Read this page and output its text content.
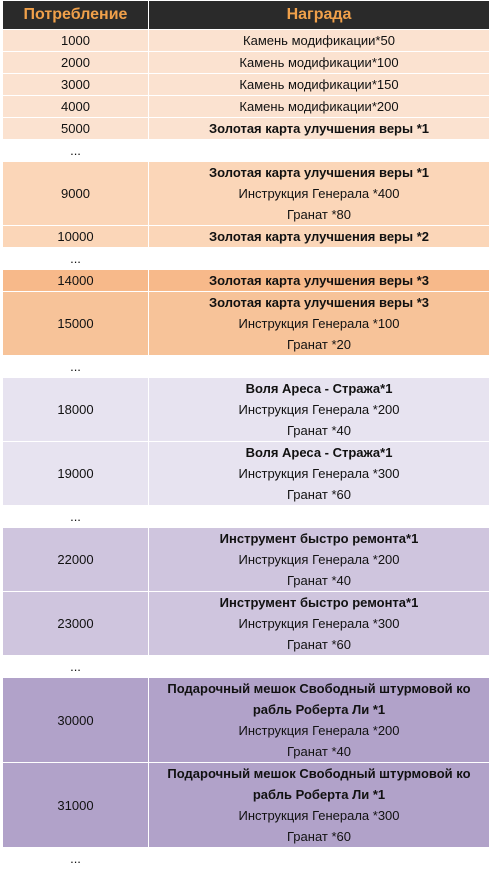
Потребление	Награда
1000	Камень модификации*50

2000	Камень модификации*100

3000	Камень модификации*150

4000	Камень модификации*200

5000	Золотая карта улучшения веры *1

...	
9000	Золотая карта улучшения веры *1
Инструкция Генерала *400
Гранат *80

10000	Золотая карта улучшения веры *2

...	
14000	Золотая карта улучшения веры *3

15000	Золотая карта улучшения веры *3
Инструкция Генерала *100
Гранат *20

...	
18000	Воля Ареса - Стража*1
Инструкция Генерала *200
Гранат *40

19000	Воля Ареса - Стража*1
Инструкция Генерала *300
Гранат *60

...	
22000	Инструмент быстро ремонта*1
Инструкция Генерала *200
Гранат *40

23000	Инструмент быстро ремонта*1
Инструкция Генерала *300
Гранат *60

...	
30000	Подарочный мешок Свободный штурмовой ко
рабль Роберта Ли *1
Инструкция Генерала *200
Гранат *40

31000	Подарочный мешок Свободный штурмовой ко
рабль Роберта Ли *1
Инструкция Генерала *300
Гранат *60

...	
